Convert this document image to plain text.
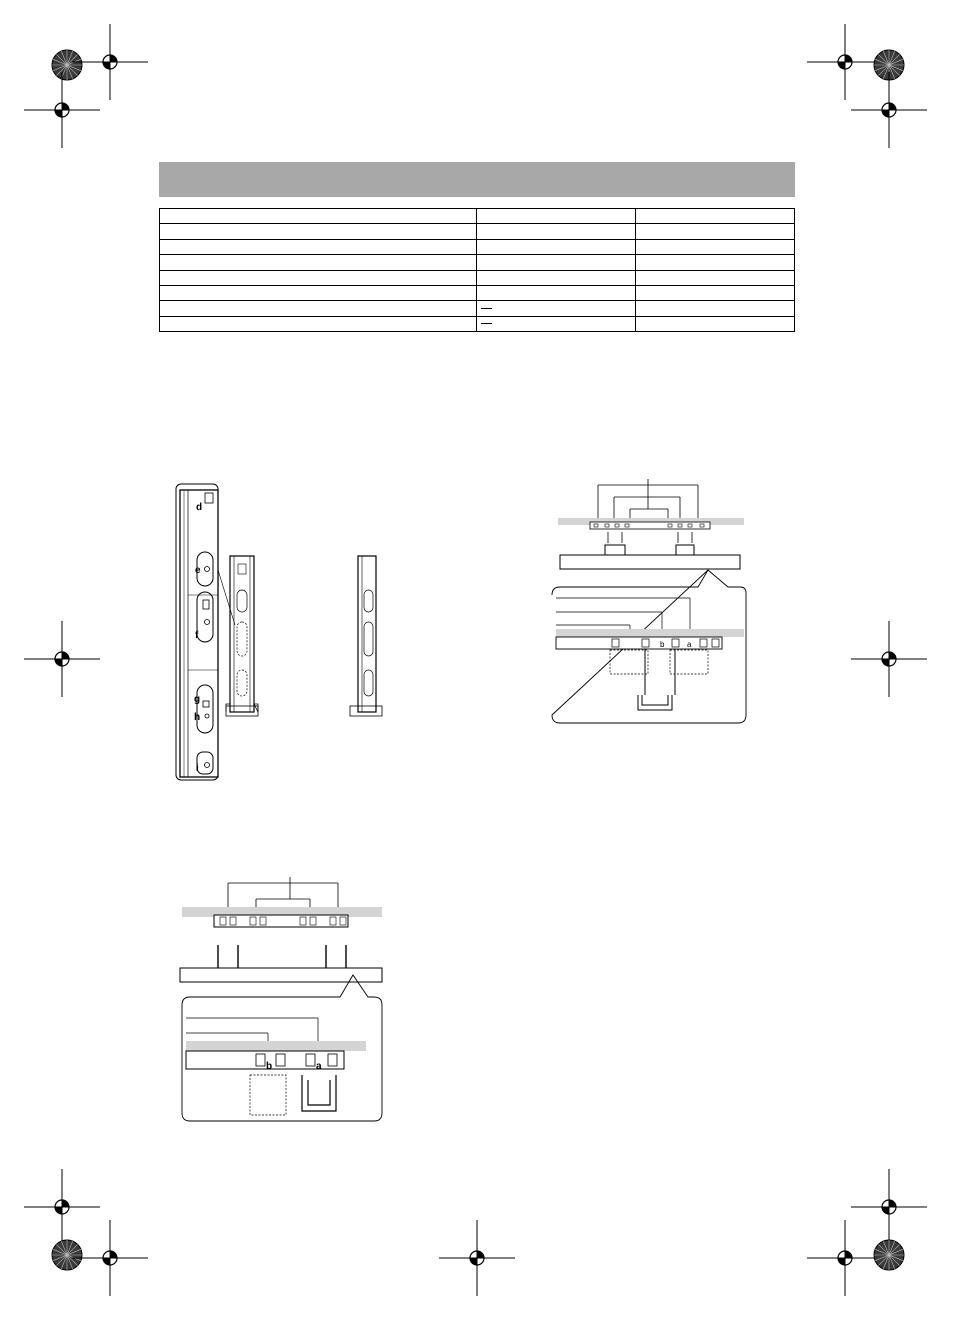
d
e
f
g
h
i
b	a
b	a
